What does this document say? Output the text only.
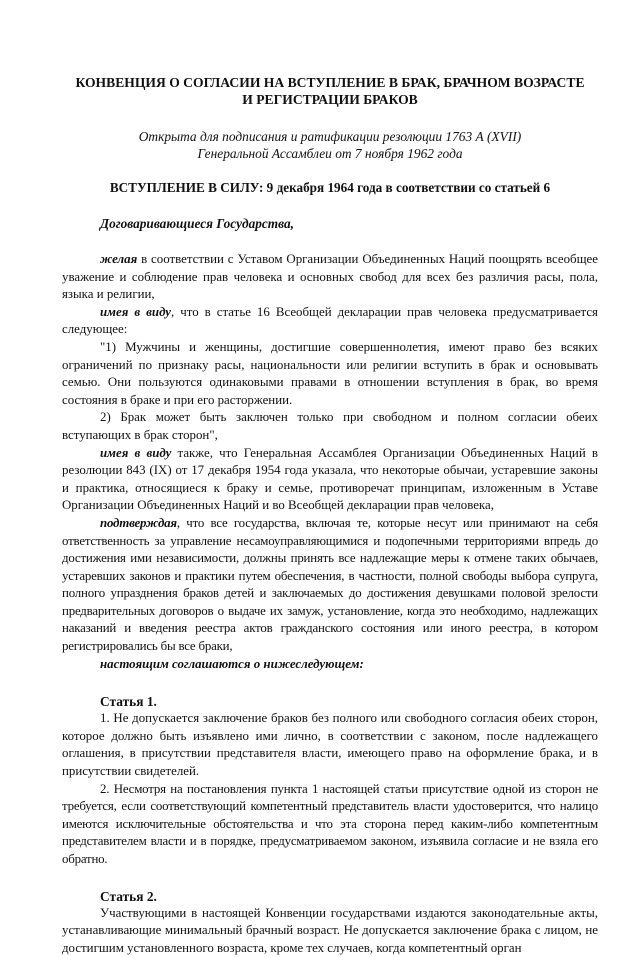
КОНВЕНЦИЯ О СОГЛАСИИ НА ВСТУПЛЕНИЕ В БРАК, БРАЧНОМ ВОЗРАСТЕ
И РЕГИСТРАЦИИ БРАКОВ

Открыта для подписания и ратификации резолюции 1763 А (XVII)
Генеральной Ассамблеи от 7 ноября 1962 года

ВСТУПЛЕНИЕ В СИЛУ: 9 декабря 1964 года в соответствии со статьей 6

Договаривающиеся Государства,

желая в соответствии с Уставом Организации Объединенных Наций поощрять всеобщее уважение и соблюдение прав человека и основных свобод для всех без различия расы, пола, языка и религии,

имея в виду, что в статье 16 Всеобщей декларации прав человека предусматривается следующее:

"1) Мужчины и женщины, достигшие совершеннолетия, имеют право без всяких ограничений по признаку расы, национальности или религии вступить в брак и основывать семью. Они пользуются одинаковыми правами в отношении вступления в брак, во время состояния в браке и при его расторжении.

2) Брак может быть заключен только при свободном и полном согласии обеих вступающих в брак сторон",

имея в виду также, что Генеральная Ассамблея Организации Объединенных Наций в резолюции 843 (IX) от 17 декабря 1954 года указала, что некоторые обычаи, устаревшие законы и практика, относящиеся к браку и семье, противоречат принципам, изложенным в Уставе Организации Объединенных Наций и во Всеобщей декларации прав человека,

подтверждая, что все государства, включая те, которые несут или принимают на себя ответственность за управление несамоуправляющимися и подопечными территориями впредь до достижения ими независимости, должны принять все надлежащие меры к отмене таких обычаев, устаревших законов и практики путем обеспечения, в частности, полной свободы выбора супруга, полного упразднения браков детей и заключаемых до достижения девушками половой зрелости предварительных договоров о выдаче их замуж, установление, когда это необходимо, надлежащих наказаний и введения реестра актов гражданского состояния или иного реестра, в котором регистрировались бы все браки,

настоящим соглашаются о нижеследующем:

Статья 1.

1. Не допускается заключение браков без полного или свободного согласия обеих сторон, которое должно быть изъявлено ими лично, в соответствии с законом, после надлежащего оглашения, в присутствии представителя власти, имеющего право на оформление брака, и в присутствии свидетелей.

2. Несмотря на постановления пункта 1 настоящей статьи присутствие одной из сторон не требуется, если соответствующий компетентный представитель власти удостоверится, что налицо имеются исключительные обстоятельства и что эта сторона перед каким-либо компетентным представителем власти и в порядке, предусматриваемом законом, изъявила согласие и не взяла его обратно.

Статья 2.

Участвующими в настоящей Конвенции государствами издаются законодательные акты, устанавливающие минимальный брачный возраст. Не допускается заключение брака с лицом, не достигшим установленного возраста, кроме тех случаев, когда компетентный орган
